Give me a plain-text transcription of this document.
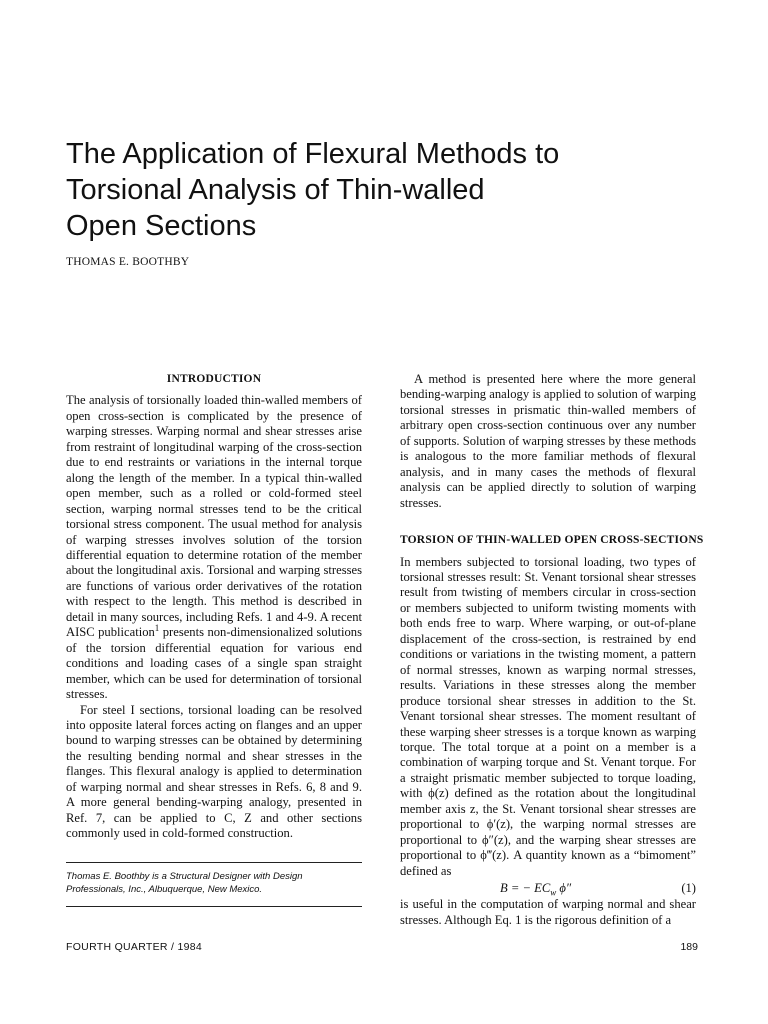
The Application of Flexural Methods to
Torsional Analysis of Thin-walled
Open Sections
THOMAS E. BOOTHBY
INTRODUCTION

The analysis of torsionally loaded thin-walled members of open cross-section is complicated by the presence of warping stresses. Warping normal and shear stresses arise from restraint of longitudinal warping of the cross-section due to end restraints or variations in the internal torque along the length of the member. In a typical thin-walled open member, such as a rolled or cold-formed steel section, warping normal stresses tend to be the critical torsional stress component. The usual method for analysis of warping stresses involves solution of the torsion differential equation to determine rotation of the member about the longitudinal axis. Torsional and warping stresses are functions of various order derivatives of the rotation with respect to the length. This method is described in detail in many sources, including Refs. 1 and 4-9. A recent AISC publication$^1$ presents non-dimensionalized solutions of the torsion differential equation for various end conditions and loading cases of a single span straight member, which can be used for determination of torsional stresses.

For steel I sections, torsional loading can be resolved into opposite lateral forces acting on flanges and an upper bound to warping stresses can be obtained by determining the resulting bending normal and shear stresses in the flanges. This flexural analogy is applied to determination of warping normal and shear stresses in Refs. 6, 8 and 9. A more general bending-warping analogy, presented in Ref. 7, can be applied to C, Z and other sections commonly used in cold-formed construction.

Thomas E. Boothby is a Structural Designer with Design Professionals, Inc., Albuquerque, New Mexico.

A method is presented here where the more general bending-warping analogy is applied to solution of warping torsional stresses in prismatic thin-walled members of arbitrary open cross-section continuous over any number of supports. Solution of warping stresses by these methods is analogous to the more familiar methods of flexural analysis, and in many cases the methods of flexural analysis can be applied directly to solution of warping stresses.

TORSION OF THIN-WALLED OPEN CROSS-SECTIONS

In members subjected to torsional loading, two types of torsional stresses result: St. Venant torsional shear stresses result from twisting of members circular in cross-section or members subjected to uniform twisting moments with both ends free to warp. Where warping, or out-of-plane displacement of the cross-section, is restrained by end conditions or variations in the twisting moment, a pattern of normal stresses, known as warping normal stresses, results. Variations in these stresses along the member produce torsional shear stresses in addition to the St. Venant torsional shear stresses. The moment resultant of these warping sheer stresses is a torque known as warping torque. The total torque at a point on a member is a combination of warping torque and St. Venant torque. For a straight prismatic member subjected to torque loading, with ϕ(z) defined as the rotation about the longitudinal member axis z, the St. Venant torsional shear stresses are proportional to ϕ′(z), the warping normal stresses are proportional to ϕ″(z), and the warping shear stresses are proportional to ϕ‴(z). A quantity known as a “bimoment” defined as

B = − $EC_w$ ϕ″	(1)

is useful in the computation of warping normal and shear stresses. Although Eq. 1 is the rigorous definition of a

FOURTH QUARTER / 1984	189
